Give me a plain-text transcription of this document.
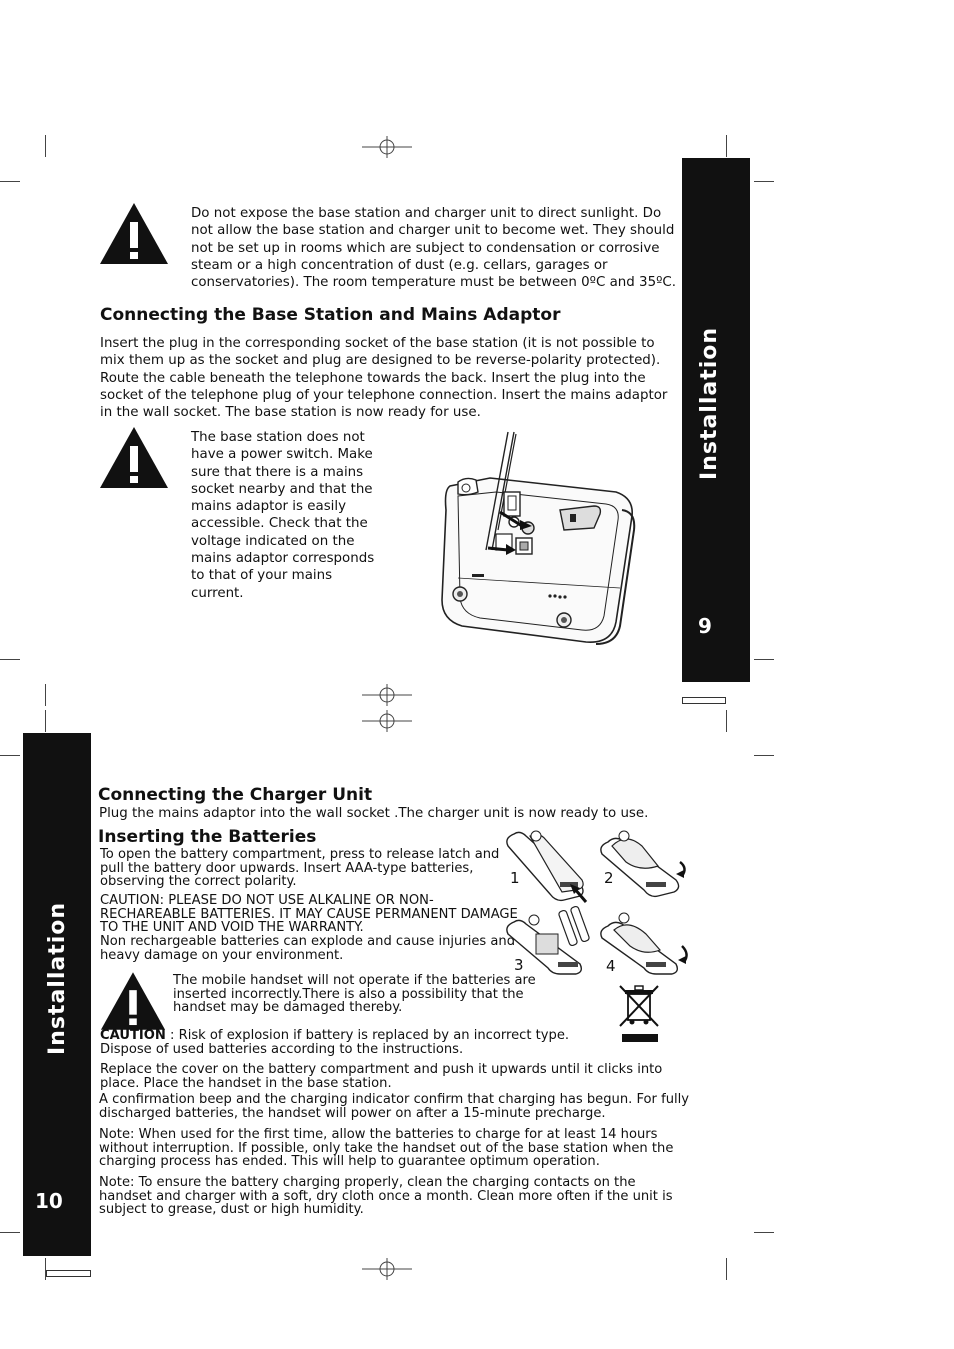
Installation
9
Do not expose the base station and charger unit to direct sunlight. Do not allow the base station and charger unit to become wet. They should not be set up in rooms which are subject to condensation or corrosive steam or a high concentration of dust (e.g. cellars, garages or conservatories). The room temperature must be between 0ºC and 35ºC.
Connecting the Base Station and Mains Adaptor
Insert the plug in the corresponding socket of the base station (it is not possible to mix them up as the socket and plug are designed to be reverse-polarity protected). Route the cable beneath the telephone towards the back. Insert the plug into the socket of the telephone plug of your telephone connection. Insert the mains adaptor in the wall socket. The base station is now ready for use.
The base station does not have a power switch. Make sure that there is a mains socket nearby and that the mains adaptor is easily accessible. Check that the voltage indicated on the mains adaptor corresponds to that of your mains current.
Installation
10
Connecting the Charger Unit
Plug the mains adaptor into the wall socket .The charger unit is now ready to use.
Inserting the Batteries
To open the battery compartment, press to release latch and pull the battery door upwards. Insert AAA-type batteries, observing the correct polarity.
CAUTION: PLEASE DO NOT USE ALKALINE OR NON-RECHAREABLE BATTERIES. IT MAY CAUSE PERMANENT DAMAGE TO THE UNIT AND VOID THE WARRANTY.
Non rechargeable batteries can explode and cause injuries and heavy damage on your environment.
1	2
3	4
The mobile handset will not operate if the batteries are inserted incorrectly.There is also a possibility that the handset may be damaged thereby.
CAUTION : Risk of explosion if battery is replaced by an incorrect type. Dispose of used batteries according to the instructions.
Replace the cover on the battery compartment and push it upwards until it clicks into place. Place the handset in the base station.
A confirmation beep and the charging indicator confirm that charging has begun. For fully discharged batteries, the handset will power on after a 15-minute precharge.
Note: When used for the first time, allow the batteries to charge for at least 14 hours without interruption. If possible, only take the handset out of the base station when the charging process has ended. This will help to guarantee optimum operation.
Note: To ensure the battery charging properly, clean the charging contacts on the handset and charger with a soft, dry cloth once a month. Clean more often if the unit is subject to grease, dust or high humidity.
